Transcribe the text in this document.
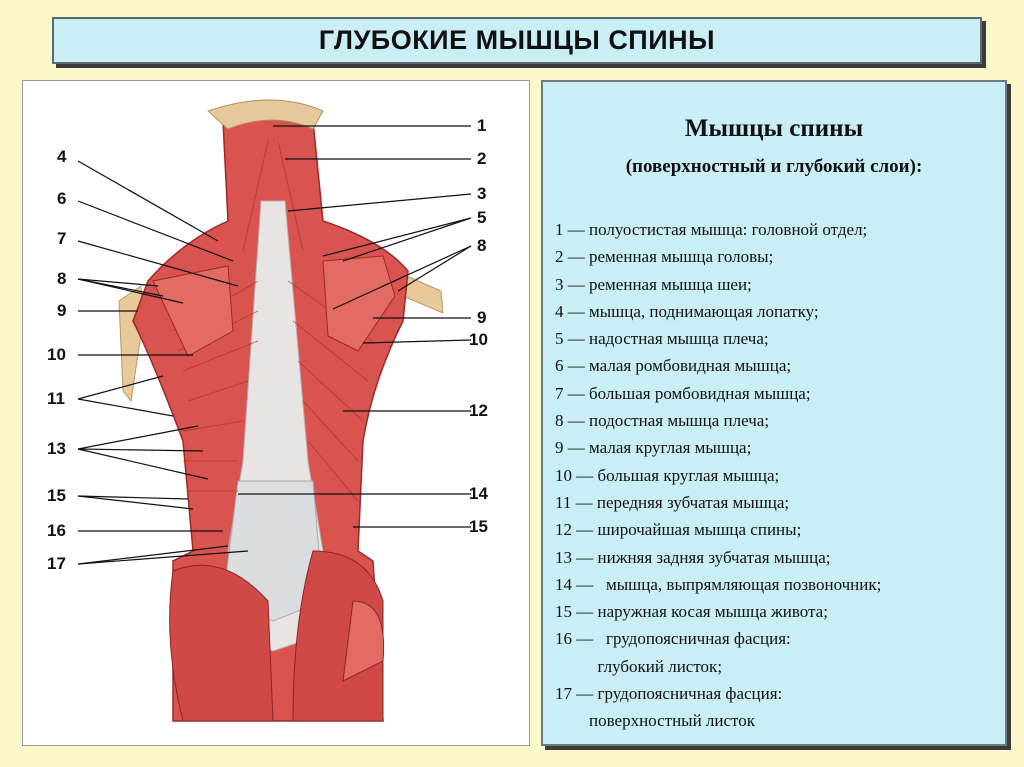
ГЛУБОКИЕ МЫШЦЫ СПИНЫ
4
6
7
8
9
10
11
13
15
16
17
1
2
3
5
8
9
10
12
14
15
Мышцы спины
(поверхностный и глубокий слои):
1 — полуостистая мышца: головной отдел;
2 — ременная мышца головы;
3 — ременная мышца шеи;
4 — мышца, поднимающая лопатку;
5 — надостная мышца плеча;
6 — малая ромбовидная мышца;
7 — большая ромбовидная мышца;
8 — подостная мышца плеча;
9 — малая круглая мышца;
10 — большая круглая мышца;
11 — передняя зубчатая мышца;
12 — широчайшая мышца спины;
13 — нижняя задняя зубчатая мышца;
14 —   мышца, выпрямляющая позвоночник;
15 — наружная косая мышца живота;
16 —   грудопоясничная фасция:
глубокий листок;
17 — грудопоясничная фасция:
поверхностный листок
